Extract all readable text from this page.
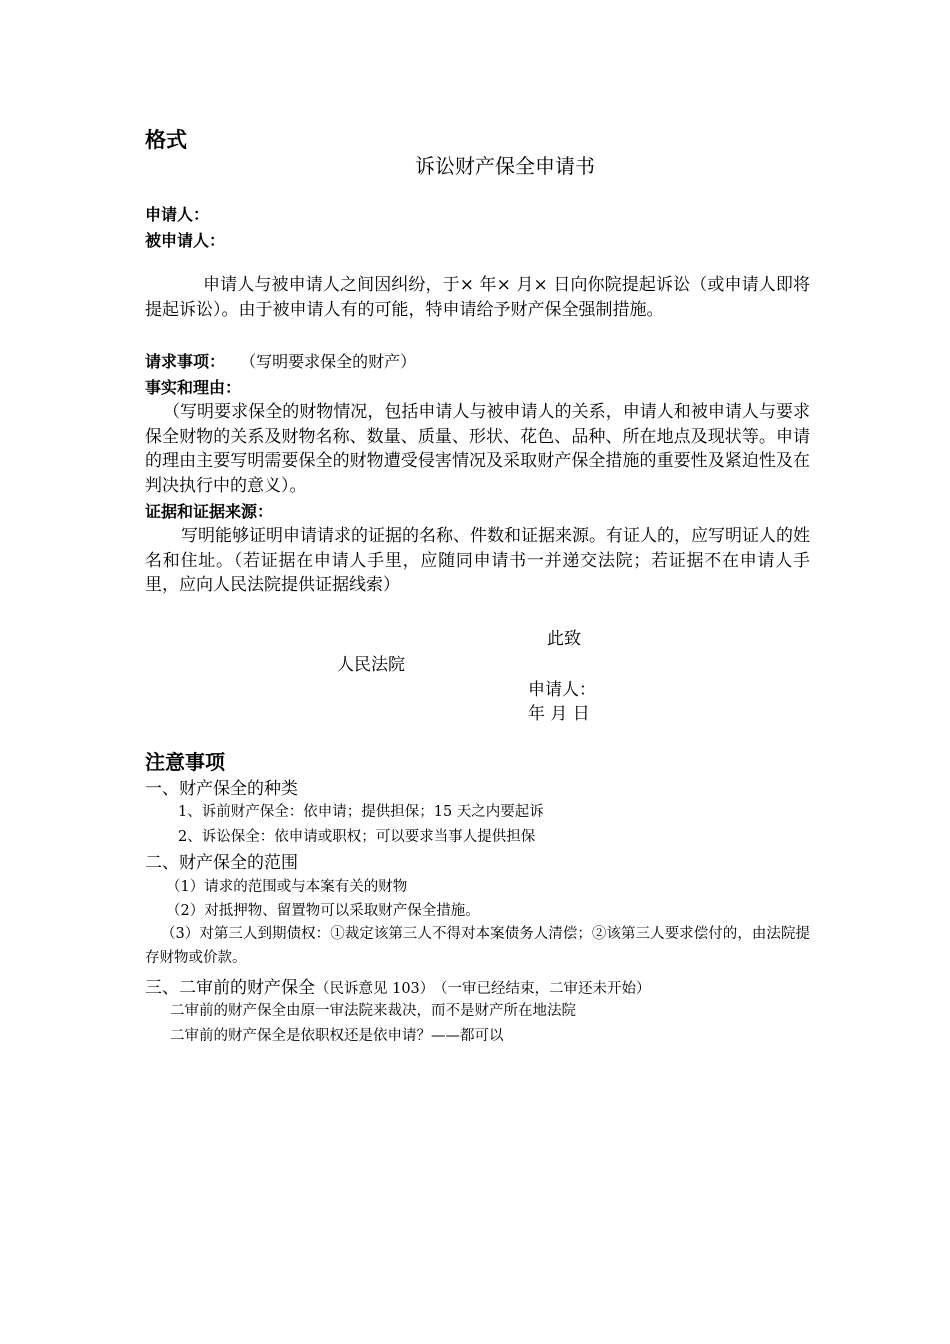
格式
诉讼财产保全申请书
申请人：
被申请人：
申请人与被申请人之间因纠纷，于× 年× 月× 日向你院提起诉讼（或申请人即将提起诉讼）。由于被申请人有的可能，特申请给予财产保全强制措施。
请求事项： （写明要求保全的财产）
事实和理由：
（写明要求保全的财物情况，包括申请人与被申请人的关系，申请人和被申请人与要求保全财物的关系及财物名称、数量、质量、形状、花色、品种、所在地点及现状等。申请的理由主要写明需要保全的财物遭受侵害情况及采取财产保全措施的重要性及紧迫性及在判决执行中的意义）。
证据和证据来源：
写明能够证明申请请求的证据的名称、件数和证据来源。有证人的，应写明证人的姓名和住址。（若证据在申请人手里，应随同申请书一并递交法院；若证据不在申请人手里，应向人民法院提供证据线索）
此致
人民法院
申请人：
年 月 日
注意事项
一、财产保全的种类
1、诉前财产保全：依申请；提供担保；15 天之内要起诉
2、诉讼保全：依申请或职权；可以要求当事人提供担保
二、财产保全的范围
（1）请求的范围或与本案有关的财物
（2）对抵押物、留置物可以采取财产保全措施。
（3）对第三人到期债权：①裁定该第三人不得对本案债务人清偿；②该第三人要求偿付的，由法院提存财物或价款。
三、二审前的财产保全（民诉意见 103） （一审已经结束，二审还未开始）
二审前的财产保全由原一审法院来裁决，而不是财产所在地法院
二审前的财产保全是依职权还是依申请？——都可以
